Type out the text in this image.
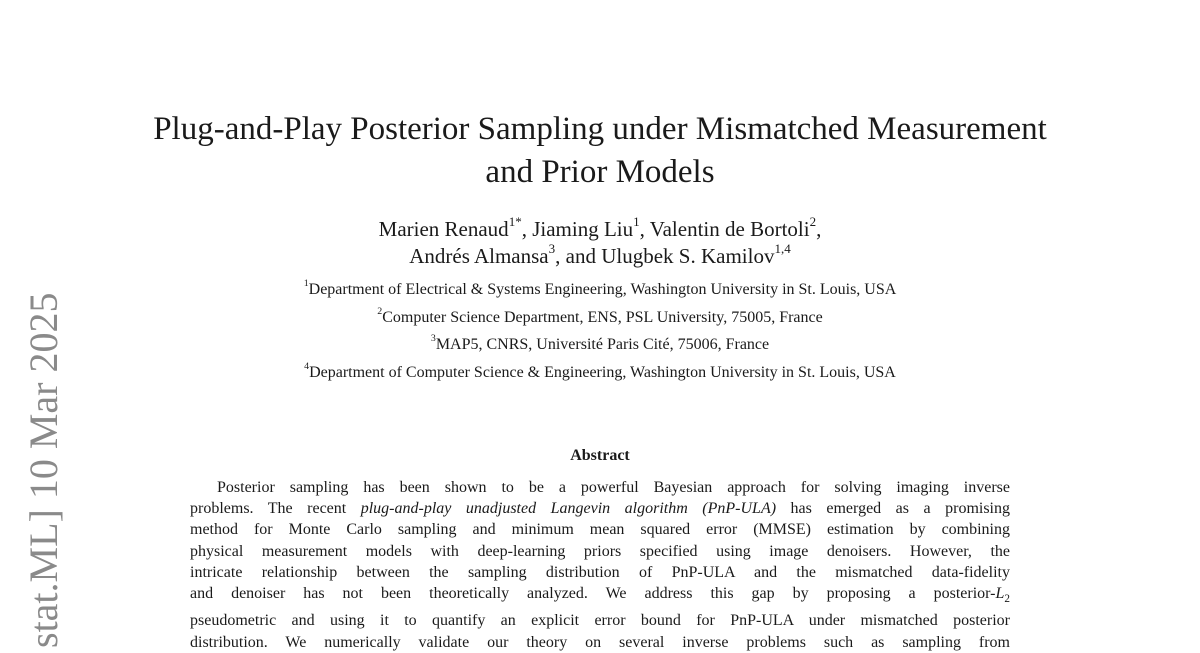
stat.ML] 10 Mar 2025
Plug-and-Play Posterior Sampling under Mismatched Measurement
and Prior Models
Marien Renaud$^{1*}$, Jiaming Liu$^1$, Valentin de Bortoli$^2$,
Andrés Almansa$^3$, and Ulugbek S. Kamilov$^{1,4}$
$^1$Department of Electrical & Systems Engineering, Washington University in St. Louis, USA
$^2$Computer Science Department, ENS, PSL University, 75005, France
$^3$MAP5, CNRS, Université Paris Cité, 75006, France
$^4$Department of Computer Science & Engineering, Washington University in St. Louis, USA
Abstract
Posterior sampling has been shown to be a powerful Bayesian approach for solving imaging inverse
problems. The recent plug-and-play unadjusted Langevin algorithm (PnP-ULA) has emerged as a promising
method for Monte Carlo sampling and minimum mean squared error (MMSE) estimation by combining
physical measurement models with deep-learning priors specified using image denoisers. However, the
intricate relationship between the sampling distribution of PnP-ULA and the mismatched data-fidelity
and denoiser has not been theoretically analyzed. We address this gap by proposing a posterior-$L_2$
pseudometric and using it to quantify an explicit error bound for PnP-ULA under mismatched posterior
distribution. We numerically validate our theory on several inverse problems such as sampling from
